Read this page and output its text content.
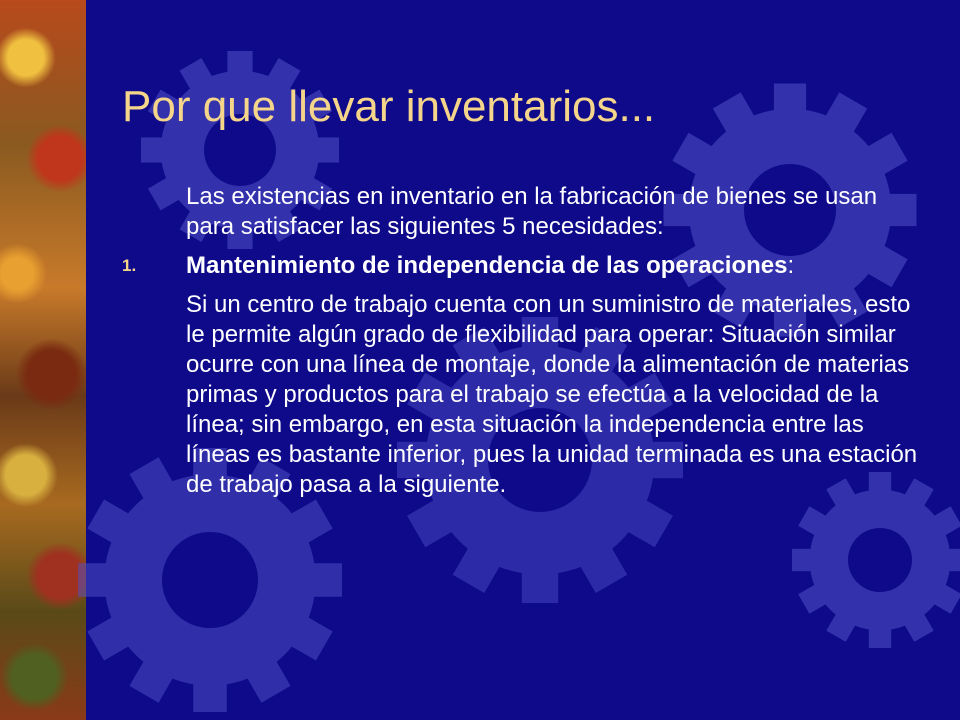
Por que llevar inventarios...

Las existencias en inventario en la fabricación de bienes se usan para satisfacer las siguientes 5 necesidades:

1. Mantenimiento de independencia de las operaciones:

Si un centro de trabajo cuenta con un suministro de materiales, esto le permite algún grado de flexibilidad para operar: Situación similar ocurre con una línea de montaje, donde la alimentación de materias primas y productos para el trabajo se efectúa a la velocidad de la línea; sin embargo, en esta situación la independencia entre las líneas es bastante inferior, pues la unidad terminada es una estación de trabajo pasa a la siguiente.
